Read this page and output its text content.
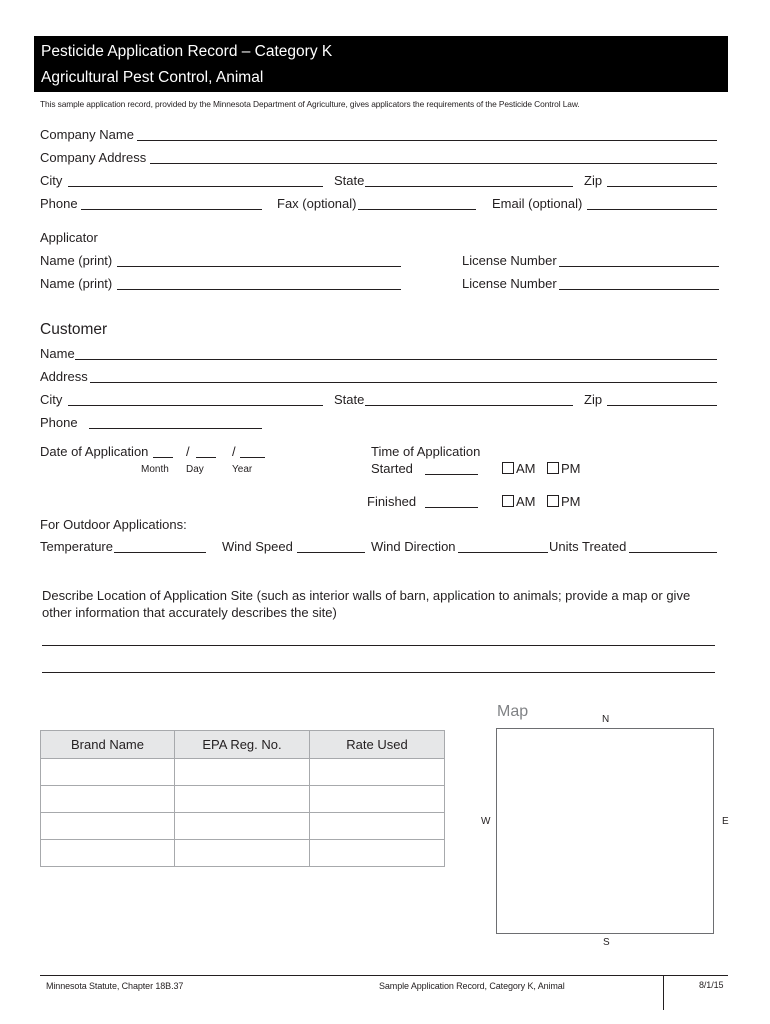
Pesticide Application Record – Category K
Agricultural Pest Control, Animal
This sample application record, provided by the Minnesota Department of Agriculture, gives applicators the requirements of the Pesticide Control Law.
Company Name
Company Address
City	State	Zip
Phone	Fax (optional)	Email (optional)
Applicator
Name (print)	License Number
Name (print)	License Number
Customer
Name
Address
City	State	Zip
Phone
Date of Application	/	/
Month Day	Year
Time of Application
Started	AM PM
Finished	AM PM
For Outdoor Applications:
Temperature	Wind Speed	Wind Direction	Units Treated
Describe Location of Application Site (such as interior walls of barn, application to animals; provide a map or give
other information that accurately describes the site)
Brand Name	EPA Reg. No.	Rate Used

Map	N
W	E
S
Minnesota Statute, Chapter 18B.37	Sample Application Record, Category K, Animal	8/1/15
